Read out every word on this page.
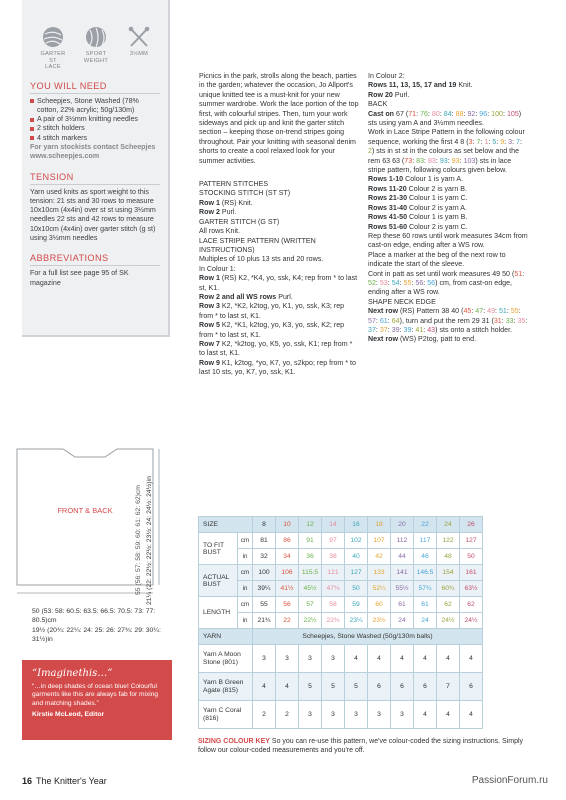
GARTER ST
LACE
SPORT
WEIGHT
3½MM
YOU WILL NEED
Scheepjes, Stone Washed (78% cotton, 22% acrylic; 50g/130m)
A pair of 3½mm knitting needles
2 stitch holders
4 stitch markers
For yarn stockists contact Scheepjes www.scheepjes.com
TENSION
Yarn used knits as sport weight to this tension: 21 sts and 30 rows to measure 10x10cm (4x4in) over st st using 3½mm needles 22 sts and 42 rows to measure 10x10cm (4x4in) over garter stitch (g st) using 3½mm needles
ABBREVIATIONS
For a full list see page 95 of SK magazine

Picnics in the park, strolls along the beach, parties in the garden; whatever the occasion, Jo Allport's unique knitted tee is a must-knit for your new summer wardrobe. Work the lace portion of the top first, with colourful stripes. Then, turn your work sideways and pick up and knit the garter stitch section – keeping those on-trend stripes going throughout. Pair your knitting with seasonal denim shorts to create a cool relaxed look for your summer activities.

PATTERN STITCHES

STOCKING STITCH (ST ST)

Row 1 (RS) Knit.

Row 2 Purl.

GARTER STITCH (G ST)

All rows Knit.

LACE STRIPE PATTERN (WRITTEN INSTRUCTIONS)

Multiples of 10 plus 13 sts and 20 rows.

In Colour 1:

Row 1 (RS) K2, *K4, yo, ssk, K4; rep from * to last st, K1.

Row 2 and all WS rows Purl.

Row 3 K2, *K2, k2tog, yo, K1, yo, ssk, K3; rep from * to last st, K1.

Row 5 K2, *K1, k2tog, yo, K3, yo, ssk, K2; rep from * to last st, K1.

Row 7 K2, *k2tog, yo, K5, yo, ssk, K1; rep from * to last st, K1.

Row 9 K1, k2tog, *yo, K7, yo, s2kpo; rep from * to last 10 sts, yo, K7, yo, ssk, K1.

In Colour 2:

Rows 11, 13, 15, 17 and 19 Knit.

Row 20 Purl.

BACK

Cast on 67 (71: 76: 80: 84: 88: 92: 96: 100: 105) sts using yarn A and 3½mm needles.

Work in Lace Stripe Pattern in the following colour sequence, working the first 4 8 (3: 7: 1: 5: 9: 3: 7: 2) sts in st st in the colours as set below and the rem 63 63 (73: 83: 83: 93: 93: 103) sts in lace stripe pattern, following colours given below.

Rows 1-10 Colour 1 is yarn A.

Rows 11-20 Colour 2 is yarn B.

Rows 21-30 Colour 1 is yarn C.

Rows 31-40 Colour 2 is yarn A.

Rows 41-50 Colour 1 is yarn B.

Rows 51-60 Colour 2 is yarn C.

Rep these 60 rows until work measures 34cm from cast-on edge, ending after a WS row.

Place a marker at the beg of the next row to indicate the start of the sleeve.

Cont in patt as set until work measures 49 50 (51: 52: 53: 54: 55: 56: 56) cm, from cast-on edge, ending after a WS row.

SHAPE NECK EDGE

Next row (RS) Pattern 38 40 (45: 47: 49: 51: 55: 57: 61: 64), turn and put the rem 29 31 (31: 33: 35: 37: 37: 39: 39: 41: 43) sts onto a stitch holder.

Next row (WS) P2tog, patt to end.

FRONT & BACK	21¼ (22: 22½: 22½: 23½: 24: 24½: 24½)in
55 (56: 57: 58: 59: 60: 61: 62: 62)cm
50 (53: 58: 60.5: 63.5: 66.5: 70.5: 73: 77: 80.5)cm
19½ (20¾: 22¼: 24: 25: 26: 27¾: 29: 30¼: 31½)in
SIZE		8	10	12	14	16	18	20	22	24	26
TO FIT BUST	cm	81	86	91	97	102	107	112	117	122	127
	in	32	34	36	38	40	42	44	46	48	50
ACTUAL BUST	cm	100	106	115.5	121	127	133	141	146.5	154	161
	in	39¼	41½	45½	47¾	50	52¼	55½	57¾	60¾	63½
LENGTH	cm	55	56	57	58	59	60	61	61	62	62
	in	21¾	22	22½	22¾	23¼	23½	24	24	24½	24½
YARN		Scheepjes, Stone Washed (50g/130m balls)									
Yarn A Moon Stone (801)		3	3	3	3	4	4	4	4	4	4
Yarn B Green Agate (815)		4	4	5	5	5	6	6	6	7	6
Yarn C Coral (816)		2	2	3	3	3	3	3	4	4	4
“Imaginethis…”
“…in deep shades of ocean blue! Colourful garments like this are always fab for mixing and matching shades.”
Kirstie McLeod, Editor
SIZING COLOUR KEY So you can re-use this pattern, we've colour-coded the sizing instructions. Simply follow our colour-coded measurements and you're off.
16 The Knitter's Year	PassionForum.ru
